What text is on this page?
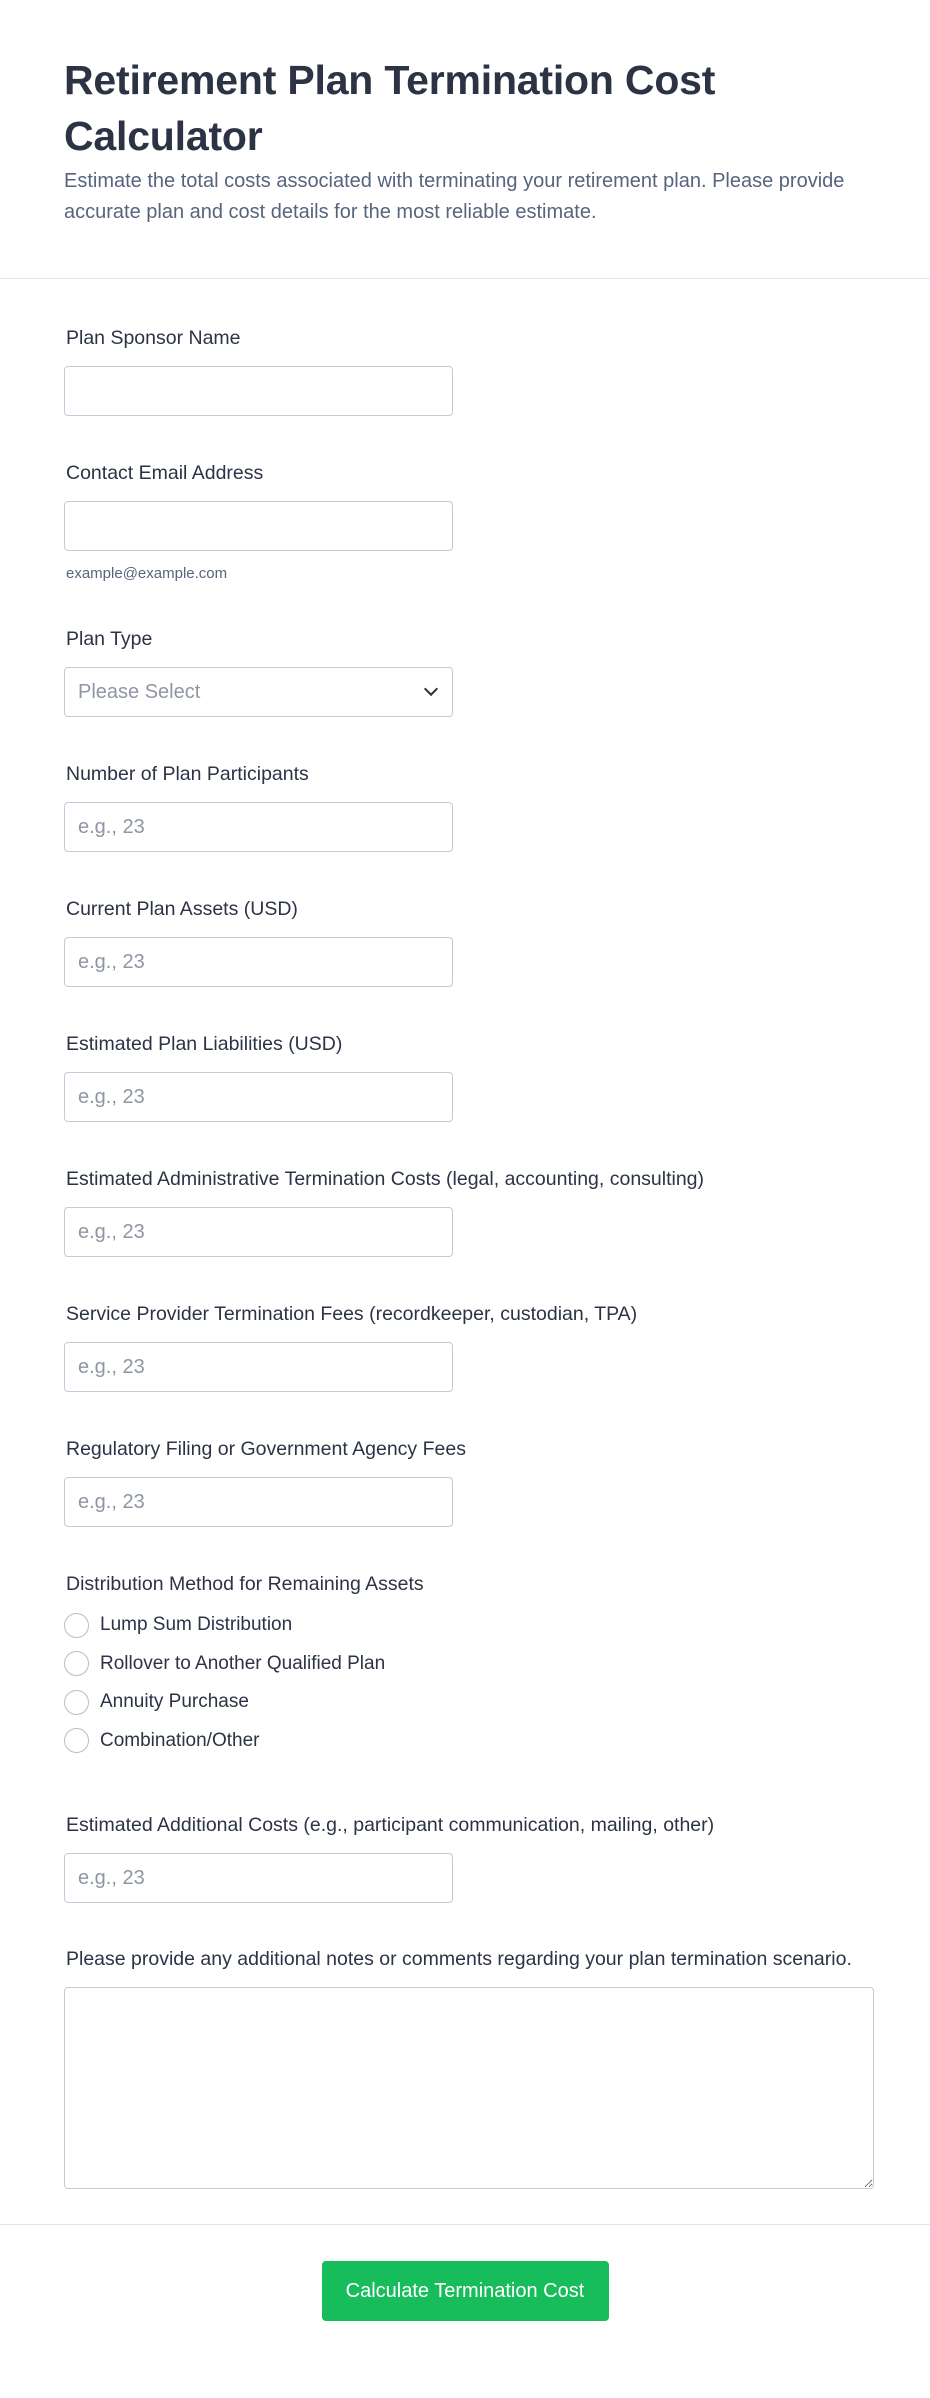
Retirement Plan Termination Cost Calculator

Estimate the total costs associated with terminating your retirement plan. Please provide accurate plan and cost details for the most reliable estimate.

Plan Sponsor Name
Contact Email Address
example@example.com
Plan Type
Please Select
Number of Plan Participants
e.g., 23
Current Plan Assets (USD)
e.g., 23
Estimated Plan Liabilities (USD)
e.g., 23
Estimated Administrative Termination Costs (legal, accounting, consulting)
e.g., 23
Service Provider Termination Fees (recordkeeper, custodian, TPA)
e.g., 23
Regulatory Filing or Government Agency Fees
e.g., 23
Distribution Method for Remaining Assets
Lump Sum Distribution
Rollover to Another Qualified Plan
Annuity Purchase
Combination/Other
Estimated Additional Costs (e.g., participant communication, mailing, other)
e.g., 23
Please provide any additional notes or comments regarding your plan termination scenario.
Calculate Termination Cost
